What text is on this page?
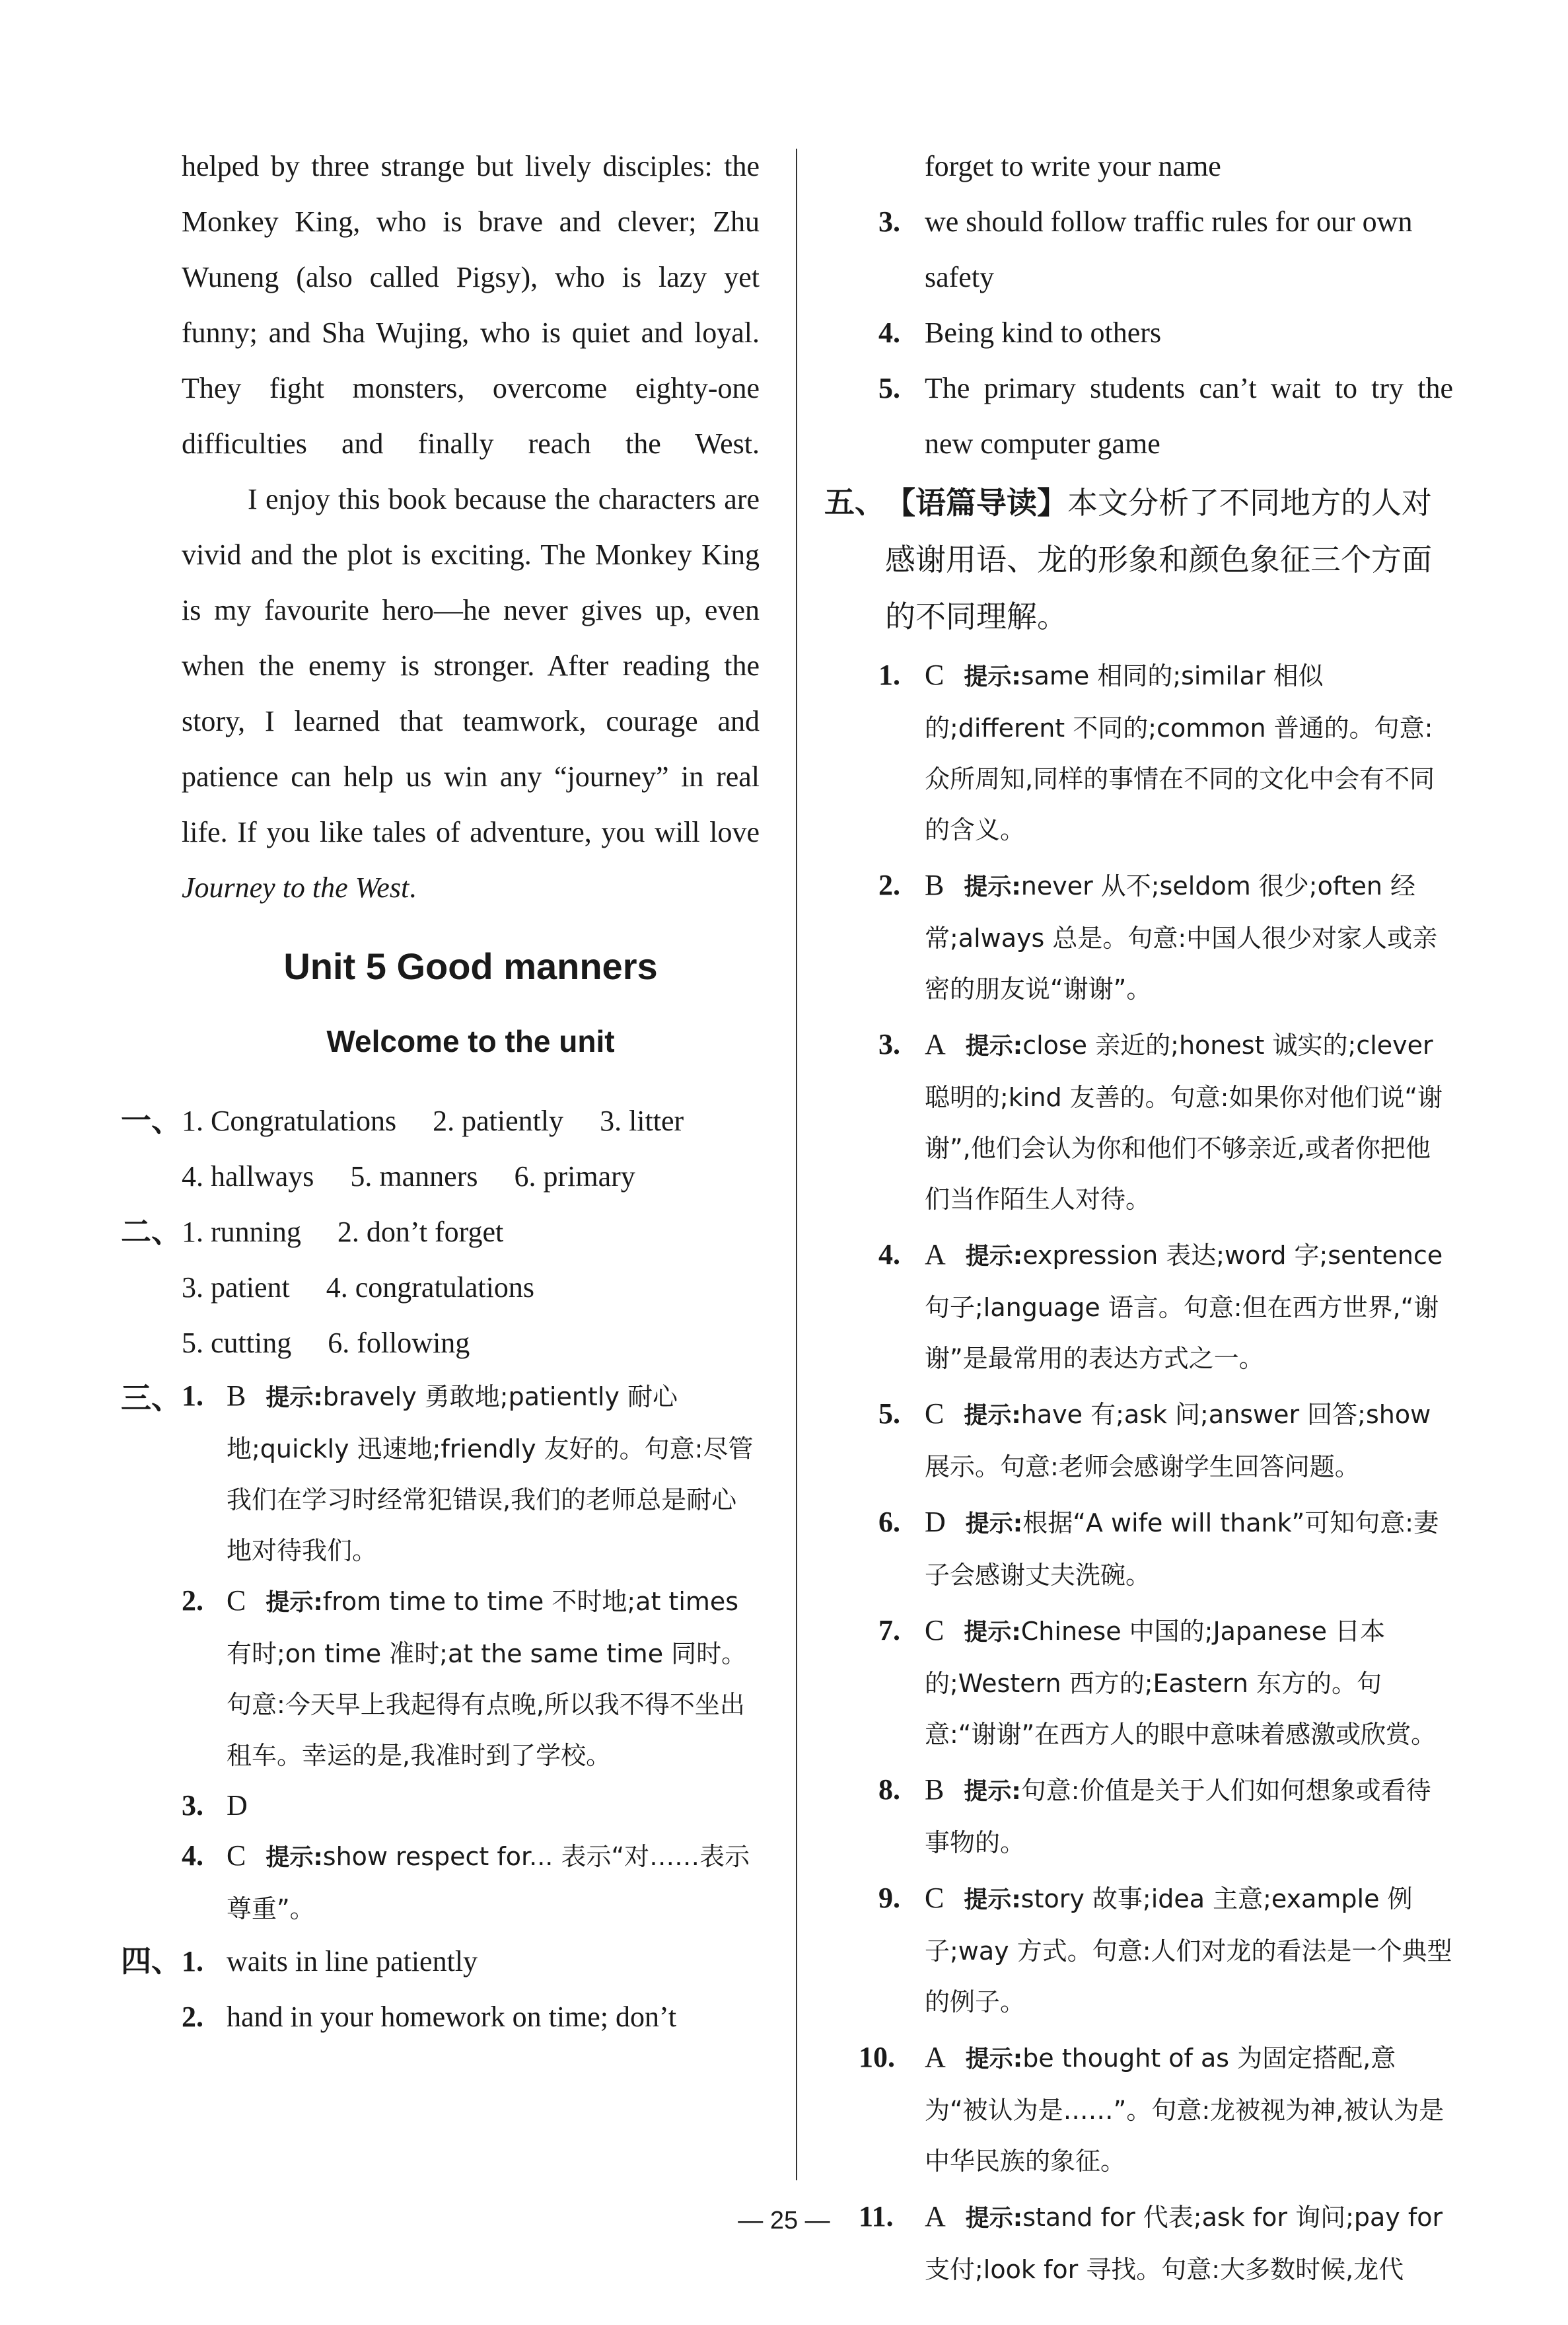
helped by three strange but lively disciples: the Monkey King, who is brave and clever; Zhu Wuneng (also called Pigsy), who is lazy yet funny; and Sha Wujing, who is quiet and loyal. They fight monsters, overcome eighty-one difficulties and finally reach the West.

I enjoy this book because the characters are vivid and the plot is exciting. The Monkey King is my favourite hero—he never gives up, even when the enemy is stronger. After reading the story, I learned that teamwork, courage and patience can help us win any “journey” in real life. If you like tales of adventure, you will love Journey to the West.

Unit 5 Good manners
Welcome to the unit
一、 1. Congratulations 2. patiently 3. litter
4. hallways 5. manners 6. primary
二、 1. running 2. don’t forget
3. patient 4. congratulations
5. cutting 6. following
三、 1. B 提示:bravely 勇敢地;patiently 耐心地;quickly 迅速地;friendly 友好的。句意:尽管我们在学习时经常犯错误,我们的老师总是耐心地对待我们。
2. C 提示:from time to time 不时地;at times 有时;on time 准时;at the same time 同时。句意:今天早上我起得有点晚,所以我不得不坐出租车。幸运的是,我准时到了学校。
3. D
4. C 提示:show respect for... 表示“对……表示尊重”。
四、 1. waits in line patiently
2. hand in your homework on time; don’t
forget to write your name
3. we should follow traffic rules for our own safety
4. Being kind to others
5. The primary students can’t wait to try the new computer game
五、 【语篇导读】本文分析了不同地方的人对感谢用语、龙的形象和颜色象征三个方面的不同理解。
1. C 提示:same 相同的;similar 相似的;different 不同的;common 普通的。句意:众所周知,同样的事情在不同的文化中会有不同的含义。
2. B 提示:never 从不;seldom 很少;often 经常;always 总是。句意:中国人很少对家人或亲密的朋友说“谢谢”。
3. A 提示:close 亲近的;honest 诚实的;clever 聪明的;kind 友善的。句意:如果你对他们说“谢谢”,他们会认为你和他们不够亲近,或者你把他们当作陌生人对待。
4. A 提示:expression 表达;word 字;sentence 句子;language 语言。句意:但在西方世界,“谢谢”是最常用的表达方式之一。
5. C 提示:have 有;ask 问;answer 回答;show 展示。句意:老师会感谢学生回答问题。
6. D 提示:根据“A wife will thank”可知句意:妻子会感谢丈夫洗碗。
7. C 提示:Chinese 中国的;Japanese 日本的;Western 西方的;Eastern 东方的。句意:“谢谢”在西方人的眼中意味着感激或欣赏。
8. B 提示:句意:价值是关于人们如何想象或看待事物的。
9. C 提示:story 故事;idea 主意;example 例子;way 方式。句意:人们对龙的看法是一个典型的例子。
10.	A 提示:be thought of as 为固定搭配,意为“被认为是……”。句意:龙被视为神,被认为是中华民族的象征。
11.	A 提示:stand for 代表;ask for 询问;pay for 支付;look for 寻找。句意:大多数时候,龙代
— 25 —
